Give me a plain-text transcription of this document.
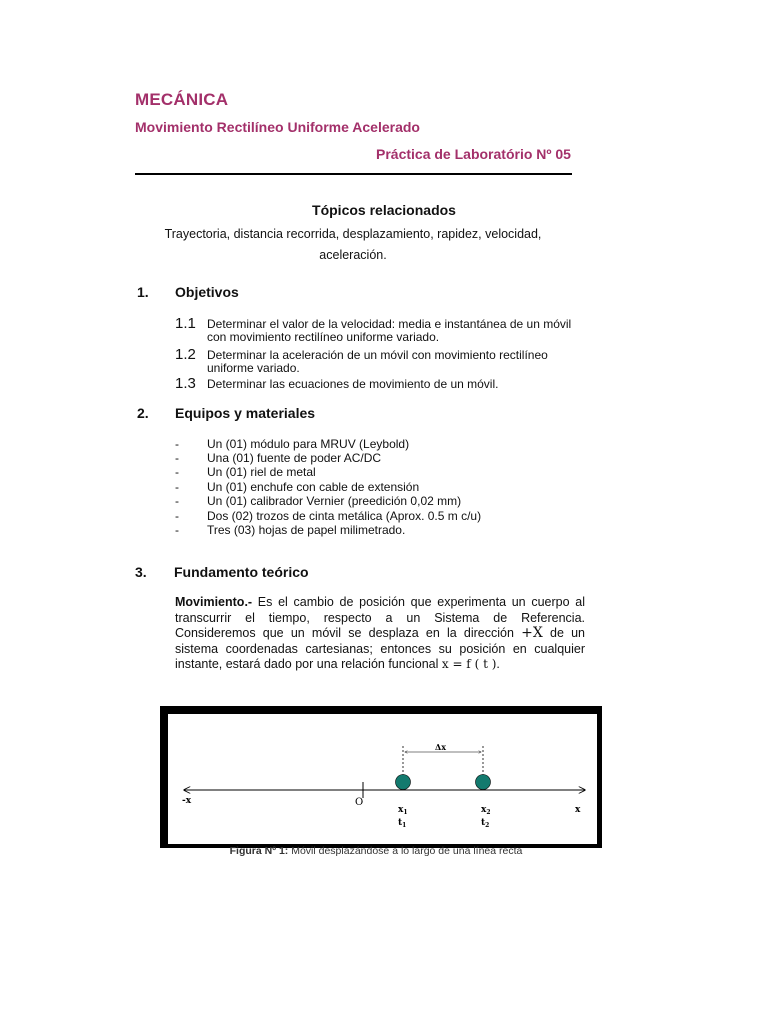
MECÁNICA
Movimiento Rectilíneo Uniforme Acelerado
Práctica de Laboratório Nº 05
Tópicos relacionados
Trayectoria, distancia recorrida, desplazamiento, rapidez, velocidad,
aceleración.
1. Objetivos
1.1 Determinar el valor de la velocidad: media e instantánea de un móvil con movimiento rectilíneo uniforme variado.
1.2 Determinar la aceleración de un móvil con movimiento rectilíneo uniforme variado.
1.3 Determinar las ecuaciones de movimiento de un móvil.
2. Equipos y materiales
- Un (01) módulo para MRUV (Leybold)
- Una (01) fuente de poder AC/DC
- Un (01) riel de metal
- Un (01) enchufe con cable de extensión
- Un (01) calibrador Vernier (preedición 0,02 mm)
- Dos (02) trozos de cinta metálica (Aprox. 0.5 m c/u)
- Tres (03) hojas de papel milimetrado.
3. Fundamento teórico
Movimiento.- Es el cambio de posición que experimenta un cuerpo al transcurrir el tiempo, respecto a un Sistema de Referencia. Consideremos que un móvil se desplaza en la dirección +X de un sistema coordenadas cartesianas; entonces su posición en cualquier instante, estará dado por una relación funcional x = f ( t ).
-x
x
O
Δx
$x_1$
$t_1$
$x_2$
$t_2$
Figura Nº 1: Móvil desplazándose a lo largo de una línea recta
